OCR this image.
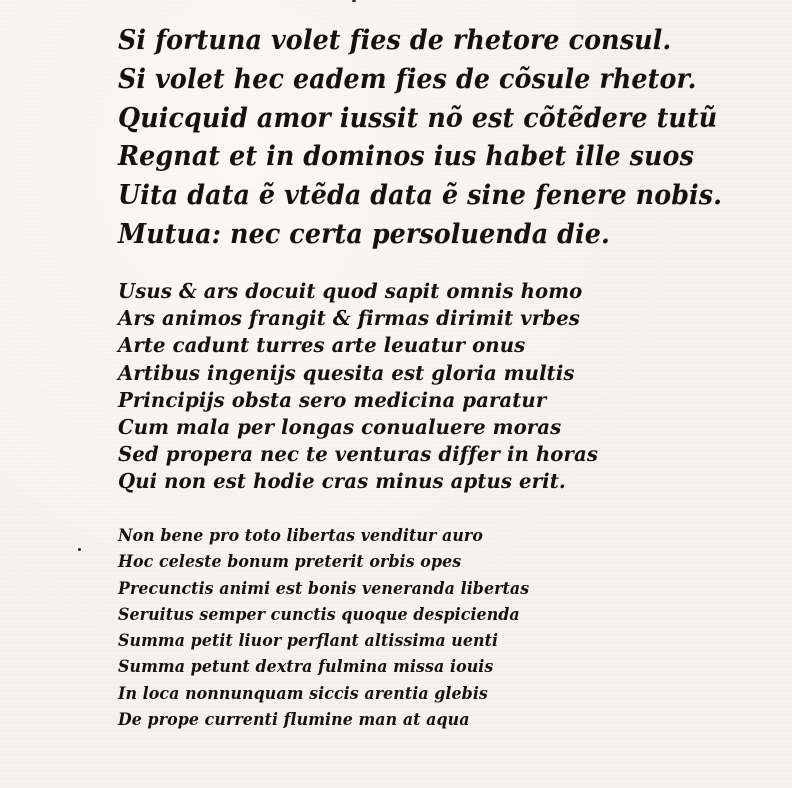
Si fortuna volet fies de rhetore consul.
Si volet hec eadem fies de cõsule rhetor.
Quicquid amor iussit nõ est cõtẽdere tutũ
Regnat et in dominos ius habet ille suos
Uita data ẽ vtẽda data ẽ sine fenere nobis.
Mutua: nec certa persoluenda die.
Usus & ars docuit quod sapit omnis homo
Ars animos frangit & firmas dirimit vrbes
Arte cadunt turres arte leuatur onus
Artibus ingenijs quesita est gloria multis
Principijs obsta sero medicina paratur
Cum mala per longas conualuere moras
Sed propera nec te venturas differ in horas
Qui non est hodie cras minus aptus erit.
Non bene pro toto libertas venditur auro
Hoc celeste bonum preterit orbis opes
Precunctis animi est bonis veneranda libertas
Seruitus semper cunctis quoque despicienda
Summa petit liuor perflant altissima uenti
Summa petunt dextra fulmina missa iouis
In loca nonnunquam siccis arentia glebis
De prope currenti flumine man at aqua
